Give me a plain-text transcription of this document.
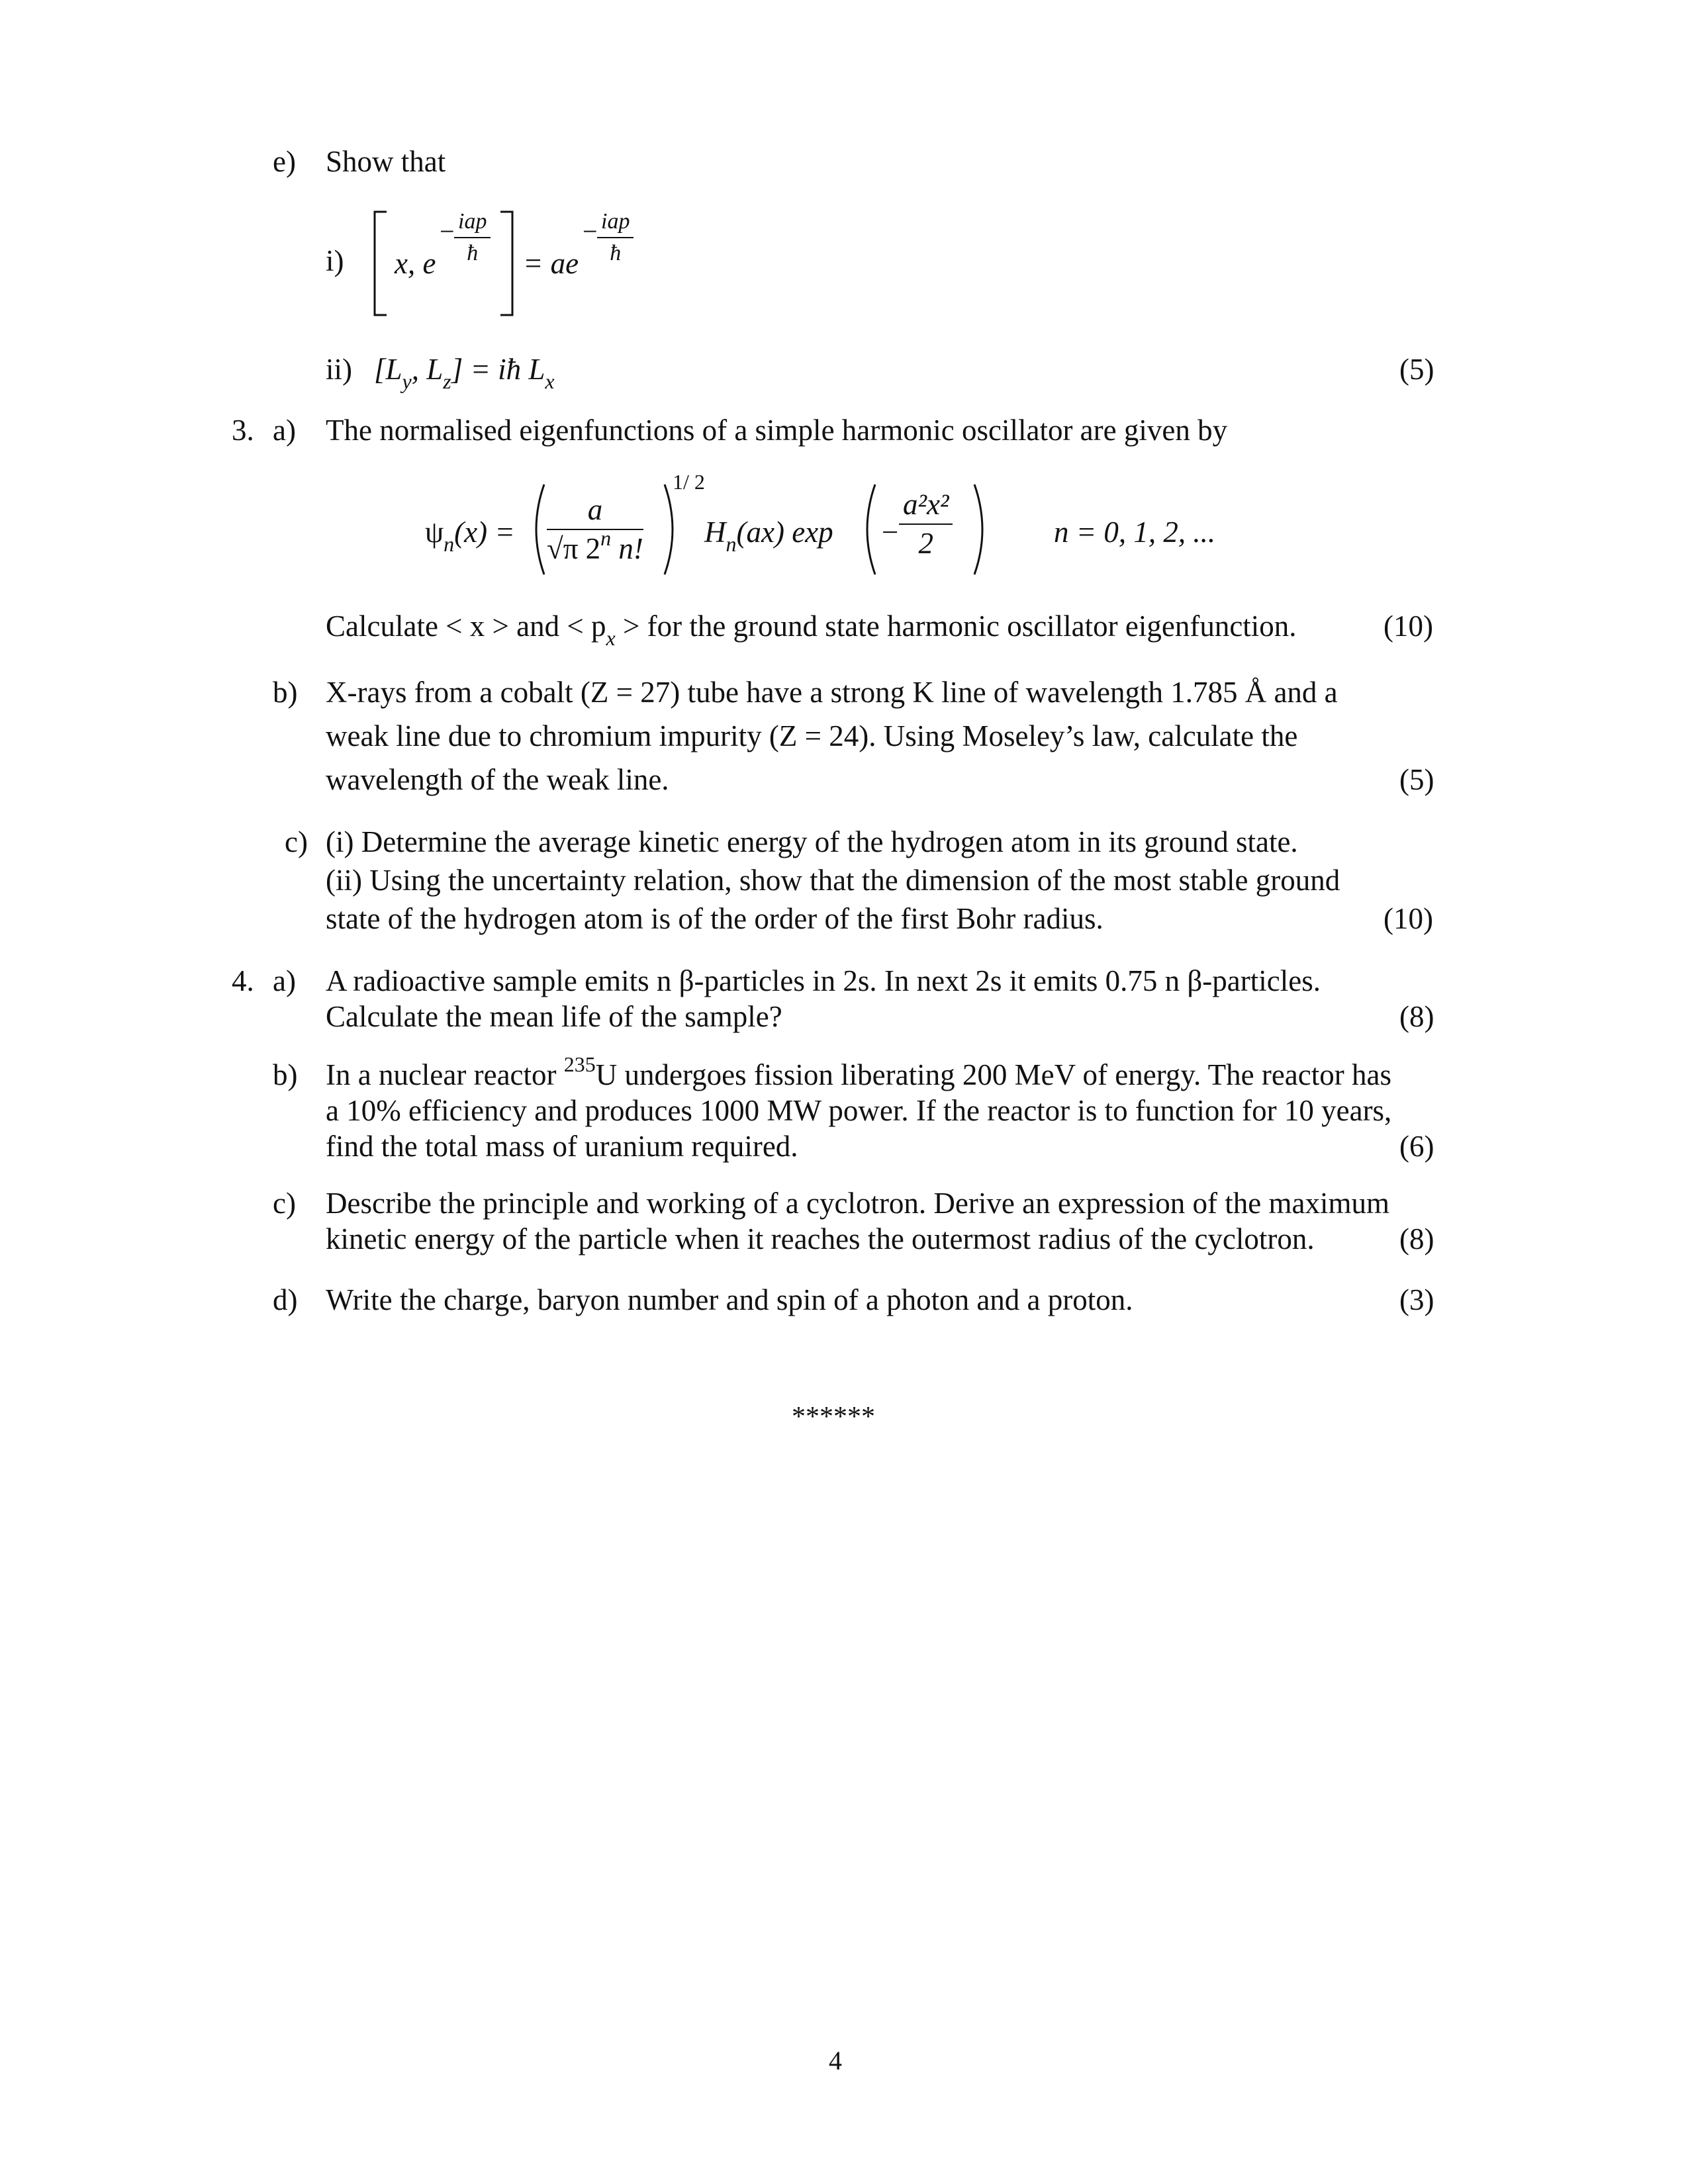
e) Show that
i) x, e
− iap
ħ	= ae
− iap
ħ
ii) [$L_y$, $L_z$] = iħ $L_x$	(5)
3. a) The normalised eigenfunctions of a simple harmonic oscillator are given by
$\psi_n(x) = \frac{a}{√\pi 2^n n!}$
1/ 2
$H_n(ax) \exp - \frac{\text{a²x²}}{2}$	n = 0, 1, 2, ...
Calculate < x > and < $p_x$ > for the ground state harmonic oscillator eigenfunction.	(10)
b) X-rays from a cobalt (Z = 27) tube have a strong K line of wavelength 1.785 Å and a
weak line due to chromium impurity (Z = 24). Using Moseley’s law, calculate the
wavelength of the weak line.	(5)
c) (i) Determine the average kinetic energy of the hydrogen atom in its ground state.
(ii) Using the uncertainty relation, show that the dimension of the most stable ground
state of the hydrogen atom is of the order of the first Bohr radius.	(10)
4. a) A radioactive sample emits n β-particles in 2s. In next 2s it emits 0.75 n β-particles.
Calculate the mean life of the sample?	(8)
b) In a nuclear reactor $^{235}$U undergoes fission liberating 200 MeV of energy. The reactor has
a 10% efficiency and produces 1000 MW power. If the reactor is to function for 10 years,
find the total mass of uranium required.	(6)
c) Describe the principle and working of a cyclotron. Derive an expression of the maximum
kinetic energy of the particle when it reaches the outermost radius of the cyclotron.	(8)
d) Write the charge, baryon number and spin of a photon and a proton.	(3)
******
4
